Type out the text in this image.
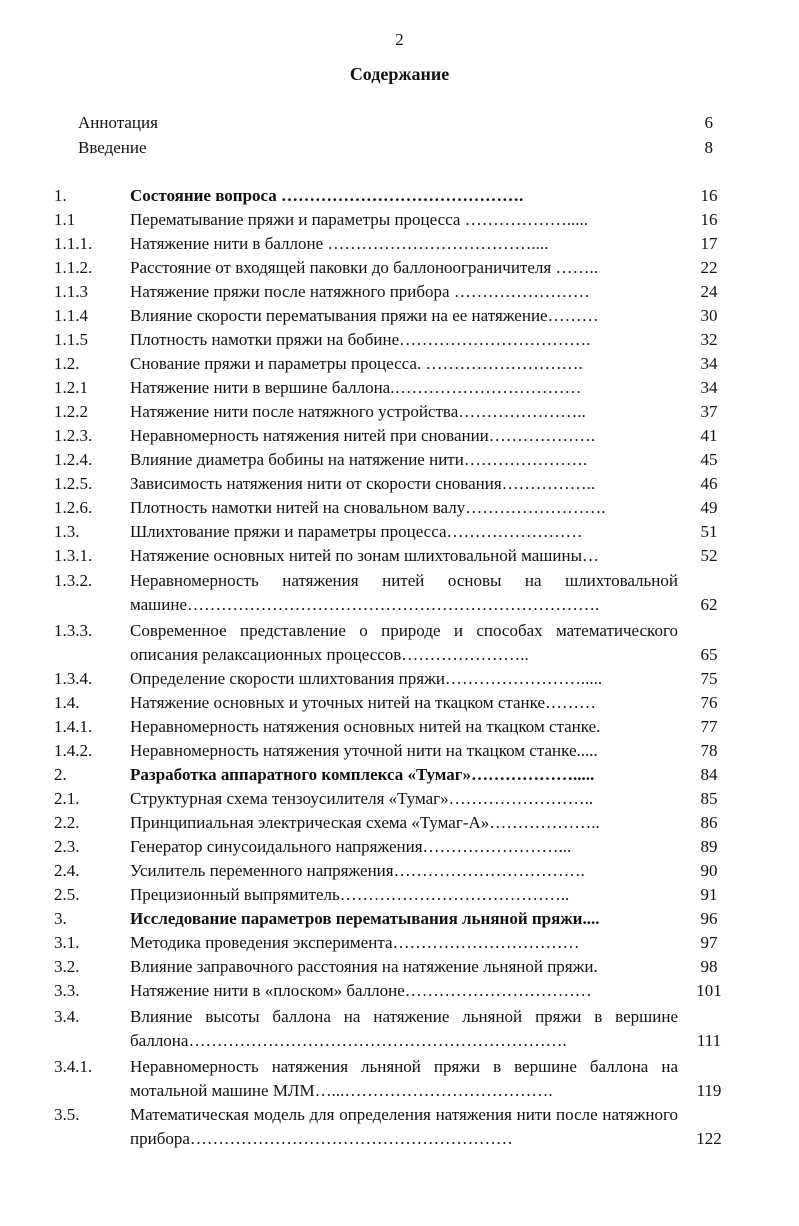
2
Содержание
Аннотация	6
Введение	8
1.	Состояние вопроса …………………………………….	16
1.1	Перематывание пряжи и параметры процесса ……………….....	16
1.1.1. Натяжение нити в баллоне ………………………………....	17
1.1.2. Расстояние от входящей паковки до баллоноограничителя ……..	22
1.1.3 Натяжение пряжи после натяжного прибора ……………………	24
1.1.4 Влияние скорости перематывания пряжи на ее натяжение………	30
1.1.5 Плотность намотки пряжи на бобине…………………………….	32
1.2.	Снование пряжи и параметры процесса. ……………………….	34
1.2.1 Натяжение нити в вершине баллона.……………………………	34
1.2.2 Натяжение нити после натяжного устройства…………………..	37
1.2.3. Неравномерность натяжения нитей при сновании……………….	41
1.2.4. Влияние диаметра бобины на натяжение нити………………….	45
1.2.5. Зависимость натяжения нити от скорости снования……………..	46
1.2.6. Плотность намотки нитей на сновальном валу…………………….	49
1.3.	Шлихтование пряжи и параметры процесса……………………	51
1.3.1. Натяжение основных нитей по зонам шлихтовальной машины…	52
1.3.2. Неравномерность натяжения нитей основы на шлихтовальной машине……………………………………………………………….	62
1.3.3. Современное представление о природе и способах математического описания релаксационных процессов…………………..	65
1.3.4. Определение скорости шлихтования пряжи…………………….....	75
1.4.	Натяжение основных и уточных нитей на ткацком станке………	76
1.4.1. Неравномерность натяжения основных нитей на ткацком станке.	77
1.4.2. Неравномерность натяжения уточной нити на ткацком станке.....	78
2.	Разработка аппаратного комплекса «Тумаг»……………….....	84
2.1.	Структурная схема тензоусилителя «Тумаг»……………………..	85
2.2.	Принципиальная электрическая схема «Тумаг-А»………………..	86
2.3.	Генератор синусоидального напряжения……………………...	89
2.4.	Усилитель переменного напряжения…………………………….	90
2.5.	Прецизионный выпрямитель…………………………………..	91
3.	Исследование параметров перематывания льняной пряжи....	96
3.1.	Методика проведения эксперимента……………………………	97
3.2.	Влияние заправочного расстояния на натяжение льняной пряжи.	98
3.3.	Натяжение нити в «плоском» баллоне……………………………	101
3.4.	Влияние высоты баллона на натяжение льняной пряжи в вершине баллона………………………………………………………….	111
3.4.1. Неравномерность натяжения льняной пряжи в вершине баллона на мотальной машине МЛМ…...……………………………….	119
3.5.	Математическая модель для определения натяжения нити после натяжного прибора…………………………………………………	122
